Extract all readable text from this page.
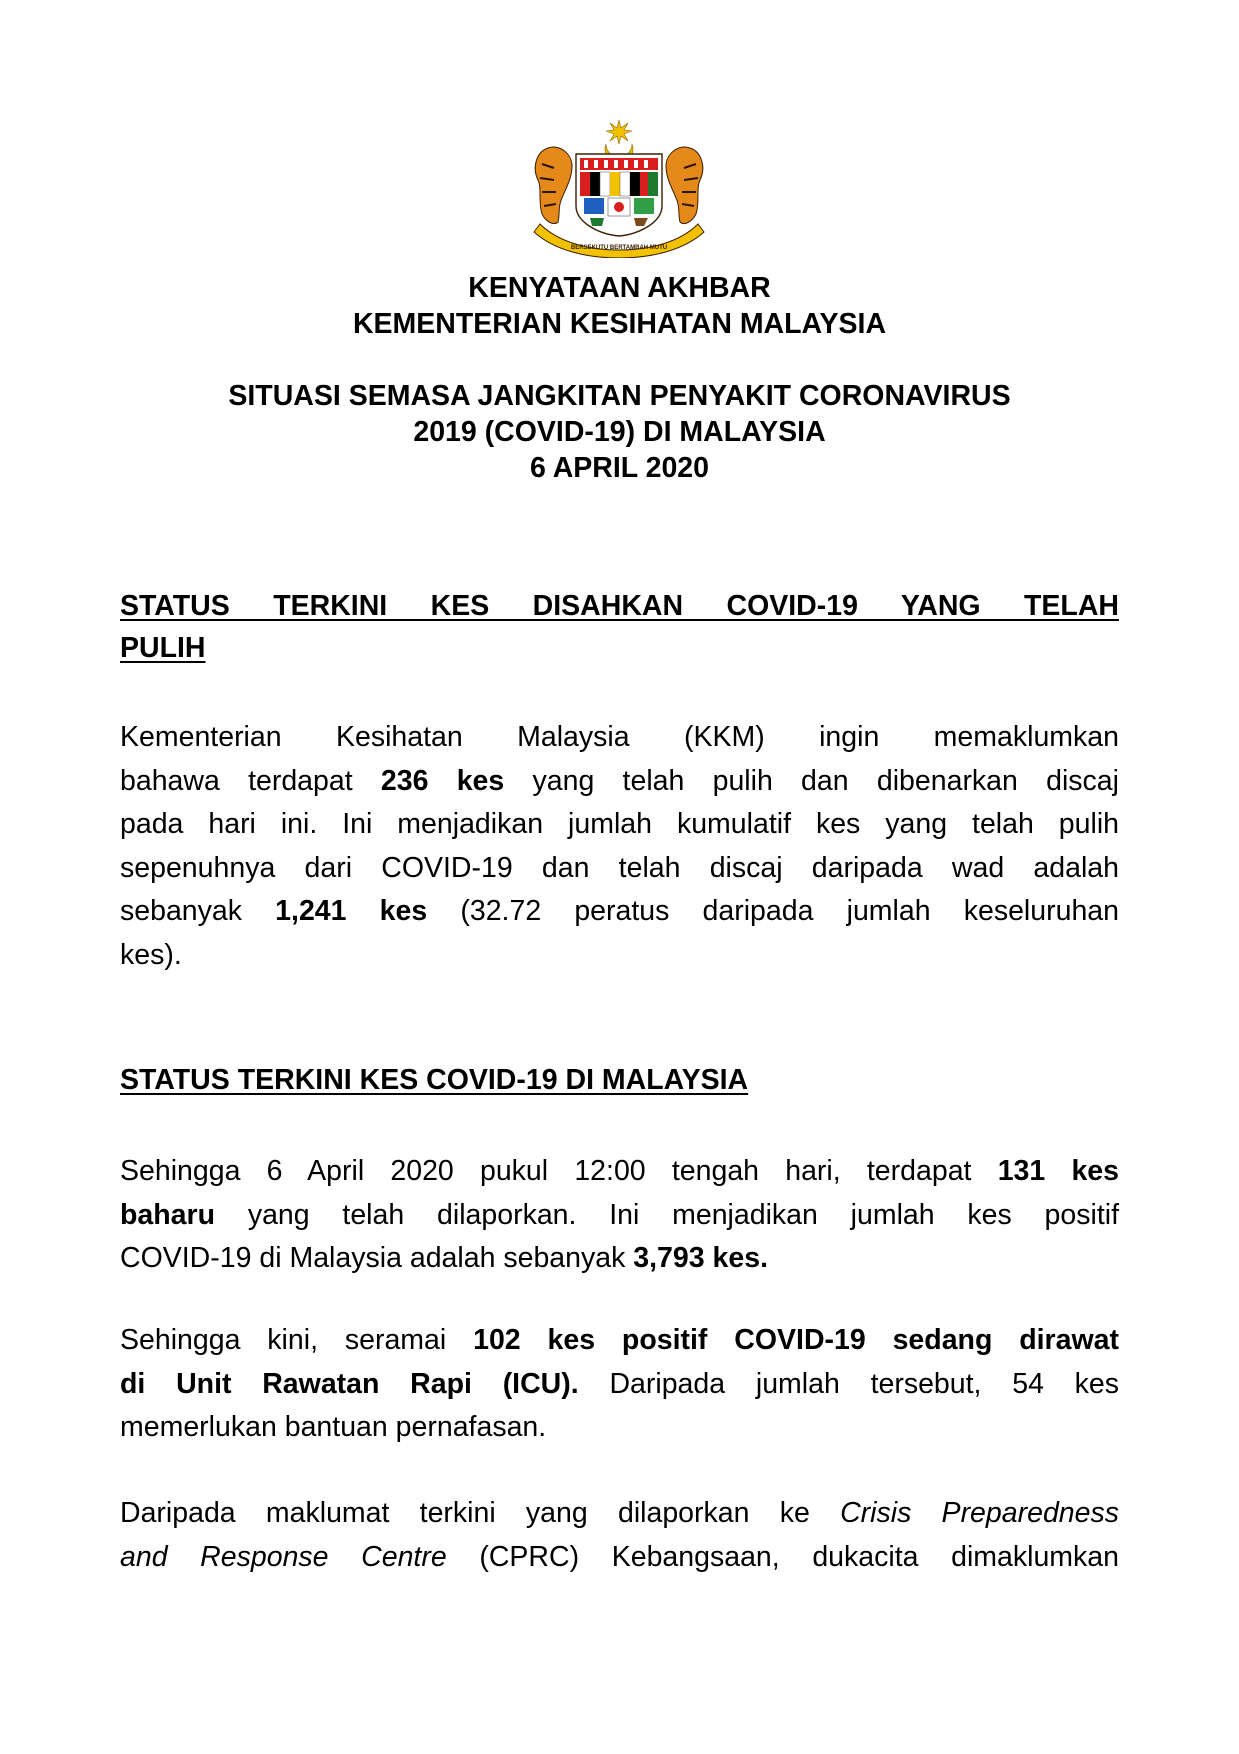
BERSEKUTU BERTAMBAH MUTU
KENYATAAN AKHBAR
KEMENTERIAN KESIHATAN MALAYSIA
SITUASI SEMASA JANGKITAN PENYAKIT CORONAVIRUS
2019 (COVID-19) DI MALAYSIA
6 APRIL 2020

STATUS TERKINI KES DISAHKAN COVID-19 YANG TELAH
PULIH

Kementerian Kesihatan Malaysia (KKM) ingin memaklumkan
bahawa terdapat 236 kes yang telah pulih dan dibenarkan discaj
pada hari ini. Ini menjadikan jumlah kumulatif kes yang telah pulih
sepenuhnya dari COVID-19 dan telah discaj daripada wad adalah
sebanyak 1,241 kes (32.72 peratus daripada jumlah keseluruhan
kes).

STATUS TERKINI KES COVID-19 DI MALAYSIA

Sehingga 6 April 2020 pukul 12:00 tengah hari, terdapat 131 kes
baharu yang telah dilaporkan. Ini menjadikan jumlah kes positif
COVID-19 di Malaysia adalah sebanyak 3,793 kes.

Sehingga kini, seramai 102 kes positif COVID-19 sedang dirawat
di Unit Rawatan Rapi (ICU). Daripada jumlah tersebut, 54 kes
memerlukan bantuan pernafasan.

Daripada maklumat terkini yang dilaporkan ke Crisis Preparedness
and Response Centre (CPRC) Kebangsaan, dukacita dimaklumkan
